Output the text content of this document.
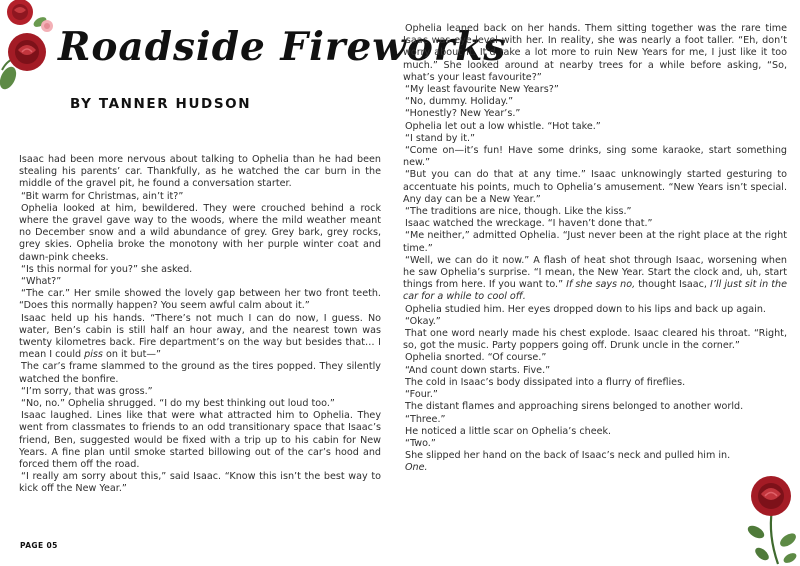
Roadside Fireworks
BY TANNER HUDSON

Isaac had been more nervous about talking to Ophelia than he had been stealing his parents’ car. Thankfully, as he watched the car burn in the middle of the gravel pit, he found a conversation starter.

“Bit warm for Christmas, ain’t it?”

Ophelia looked at him, bewildered. They were crouched behind a rock where the gravel gave way to the woods, where the mild weather meant no December snow and a wild abundance of grey. Grey bark, grey rocks, grey skies. Ophelia broke the monotony with her purple winter coat and dawn-pink cheeks.

“Is this normal for you?” she asked.

“What?”

“The car.” Her smile showed the lovely gap between her two front teeth. “Does this normally happen? You seem awful calm about it.”

Isaac held up his hands. “There’s not much I can do now, I guess. No water, Ben’s cabin is still half an hour away, and the nearest town was twenty kilometres back. Fire department’s on the way but besides that… I mean I could piss on it but—”

The car’s frame slammed to the ground as the tires popped. They silently watched the bonfire.

“I’m sorry, that was gross.”

“No, no.” Ophelia shrugged. “I do my best thinking out loud too.”

Isaac laughed. Lines like that were what attracted him to Ophelia. They went from classmates to friends to an odd transitionary space that Isaac’s friend, Ben, suggested would be fixed with a trip up to his cabin for New Years. A fine plan until smoke started billowing out of the car’s hood and forced them off the road.

“I really am sorry about this,” said Isaac. “Know this isn’t the best way to kick off the New Year.”

Ophelia leaned back on her hands. Them sitting together was the rare time Isaac was eye-level with her. In reality, she was nearly a foot taller. “Eh, don’t worry about it. It’d take a lot more to ruin New Years for me, I just like it too much.” She looked around at nearby trees for a while before asking, “So, what’s your least favourite?”

“My least favourite New Years?”

“No, dummy. Holiday.”

“Honestly? New Year’s.”

Ophelia let out a low whistle. “Hot take.”

“I stand by it.”

“Come on—it’s fun! Have some drinks, sing some karaoke, start something new.”

“But you can do that at any time.” Isaac unknowingly started gesturing to accentuate his points, much to Ophelia’s amusement. “New Years isn’t special. Any day can be a New Year.”

“The traditions are nice, though. Like the kiss.”

Isaac watched the wreckage. “I haven’t done that.”

“Me neither,” admitted Ophelia. “Just never been at the right place at the right time.”

“Well, we can do it now.” A flash of heat shot through Isaac, worsening when he saw Ophelia’s surprise. “I mean, the New Year. Start the clock and, uh, start things from here. If you want to.” If she says no, thought Isaac, I’ll just sit in the car for a while to cool off.

Ophelia studied him. Her eyes dropped down to his lips and back up again.

“Okay.”

That one word nearly made his chest explode. Isaac cleared his throat. “Right, so, got the music. Party poppers going off. Drunk uncle in the corner.”

Ophelia snorted. “Of course.”

“And count down starts. Five.”

The cold in Isaac’s body dissipated into a flurry of fireflies.

“Four.”

The distant flames and approaching sirens belonged to another world.

“Three.”

He noticed a little scar on Ophelia’s cheek.

“Two.”

She slipped her hand on the back of Isaac’s neck and pulled him in.

One.

PAGE 05
